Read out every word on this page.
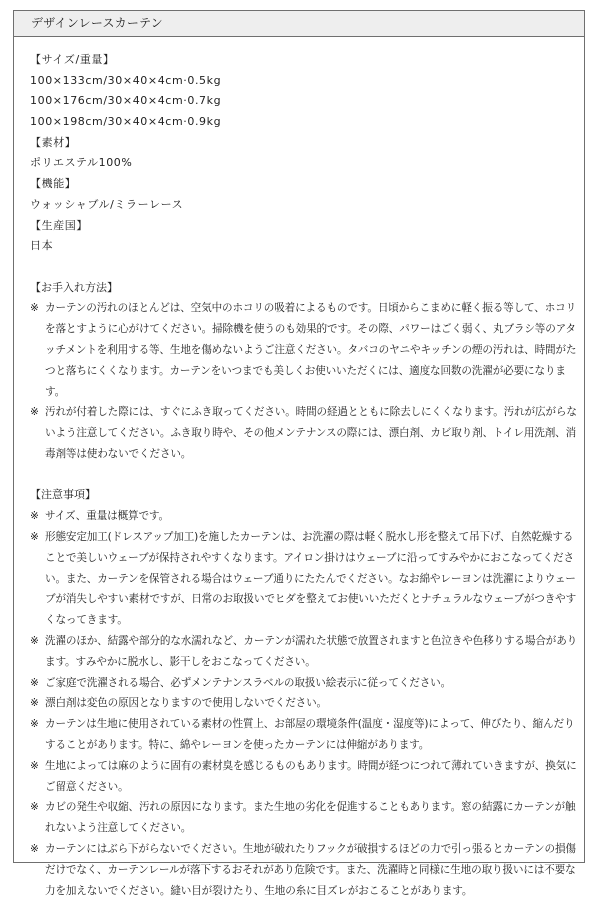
デザインレースカーテン
【サイズ/重量】
100×133cm/30×40×4cm·0.5kg
100×176cm/30×40×4cm·0.7kg
100×198cm/30×40×4cm·0.9kg
【素材】
ポリエステル100%
【機能】
ウォッシャブル/ミラーレース
【生産国】
日本
【お手入れ方法】
※ カーテンの汚れのほとんどは、空気中のホコリの吸着によるものです。日頃からこまめに軽く振る等して、ホコリを落とすように心がけてください。掃除機を使うのも効果的です。その際、パワーはごく弱く、丸ブラシ等のアタッチメントを利用する等、生地を傷めないようご注意ください。タバコのヤニやキッチンの煙の汚れは、時間がたつと落ちにくくなります。カーテンをいつまでも美しくお使いいただくには、適度な回数の洗濯が必要になります。
※ 汚れが付着した際には、すぐにふき取ってください。時間の経過とともに除去しにくくなります。汚れが広がらないよう注意してください。ふき取り時や、その他メンテナンスの際には、漂白剤、カビ取り剤、トイレ用洗剤、消毒剤等は使わないでください。
【注意事項】
※ サイズ、重量は概算です。
※ 形態安定加工(ドレスアップ加工)を施したカーテンは、お洗濯の際は軽く脱水し形を整えて吊下げ、自然乾燥することで美しいウェーブが保持されやすくなります。アイロン掛けはウェーブに沿ってすみやかにおこなってください。また、カーテンを保管される場合はウェーブ通りにたたんでください。なお綿やレーヨンは洗濯によりウェーブが消失しやすい素材ですが、日常のお取扱いでヒダを整えてお使いいただくとナチュラルなウェーブがつきやすくなってきます。
※ 洗濯のほか、結露や部分的な水濡れなど、カーテンが濡れた状態で放置されますと色泣きや色移りする場合があります。すみやかに脱水し、影干しをおこなってください。
※ ご家庭で洗濯される場合、必ずメンテナンスラベルの取扱い絵表示に従ってください。
※ 漂白剤は変色の原因となりますので使用しないでください。
※ カーテンは生地に使用されている素材の性質上、お部屋の環境条件(温度・湿度等)によって、伸びたり、縮んだりすることがあります。特に、綿やレーヨンを使ったカーテンには伸縮があります。
※ 生地によっては麻のように固有の素材臭を感じるものもあります。時間が経つにつれて薄れていきますが、換気にご留意ください。
※ カビの発生や収縮、汚れの原因になります。また生地の劣化を促進することもあります。窓の結露にカーテンが触れないよう注意してください。
※ カーテンにはぶら下がらないでください。生地が破れたりフックが破損するほどの力で引っ張るとカーテンの損傷だけでなく、カーテンレールが落下するおそれがあり危険です。また、洗濯時と同様に生地の取り扱いには不要な力を加えないでください。縫い目が裂けたり、生地の糸に目ズレがおこることがあります。
